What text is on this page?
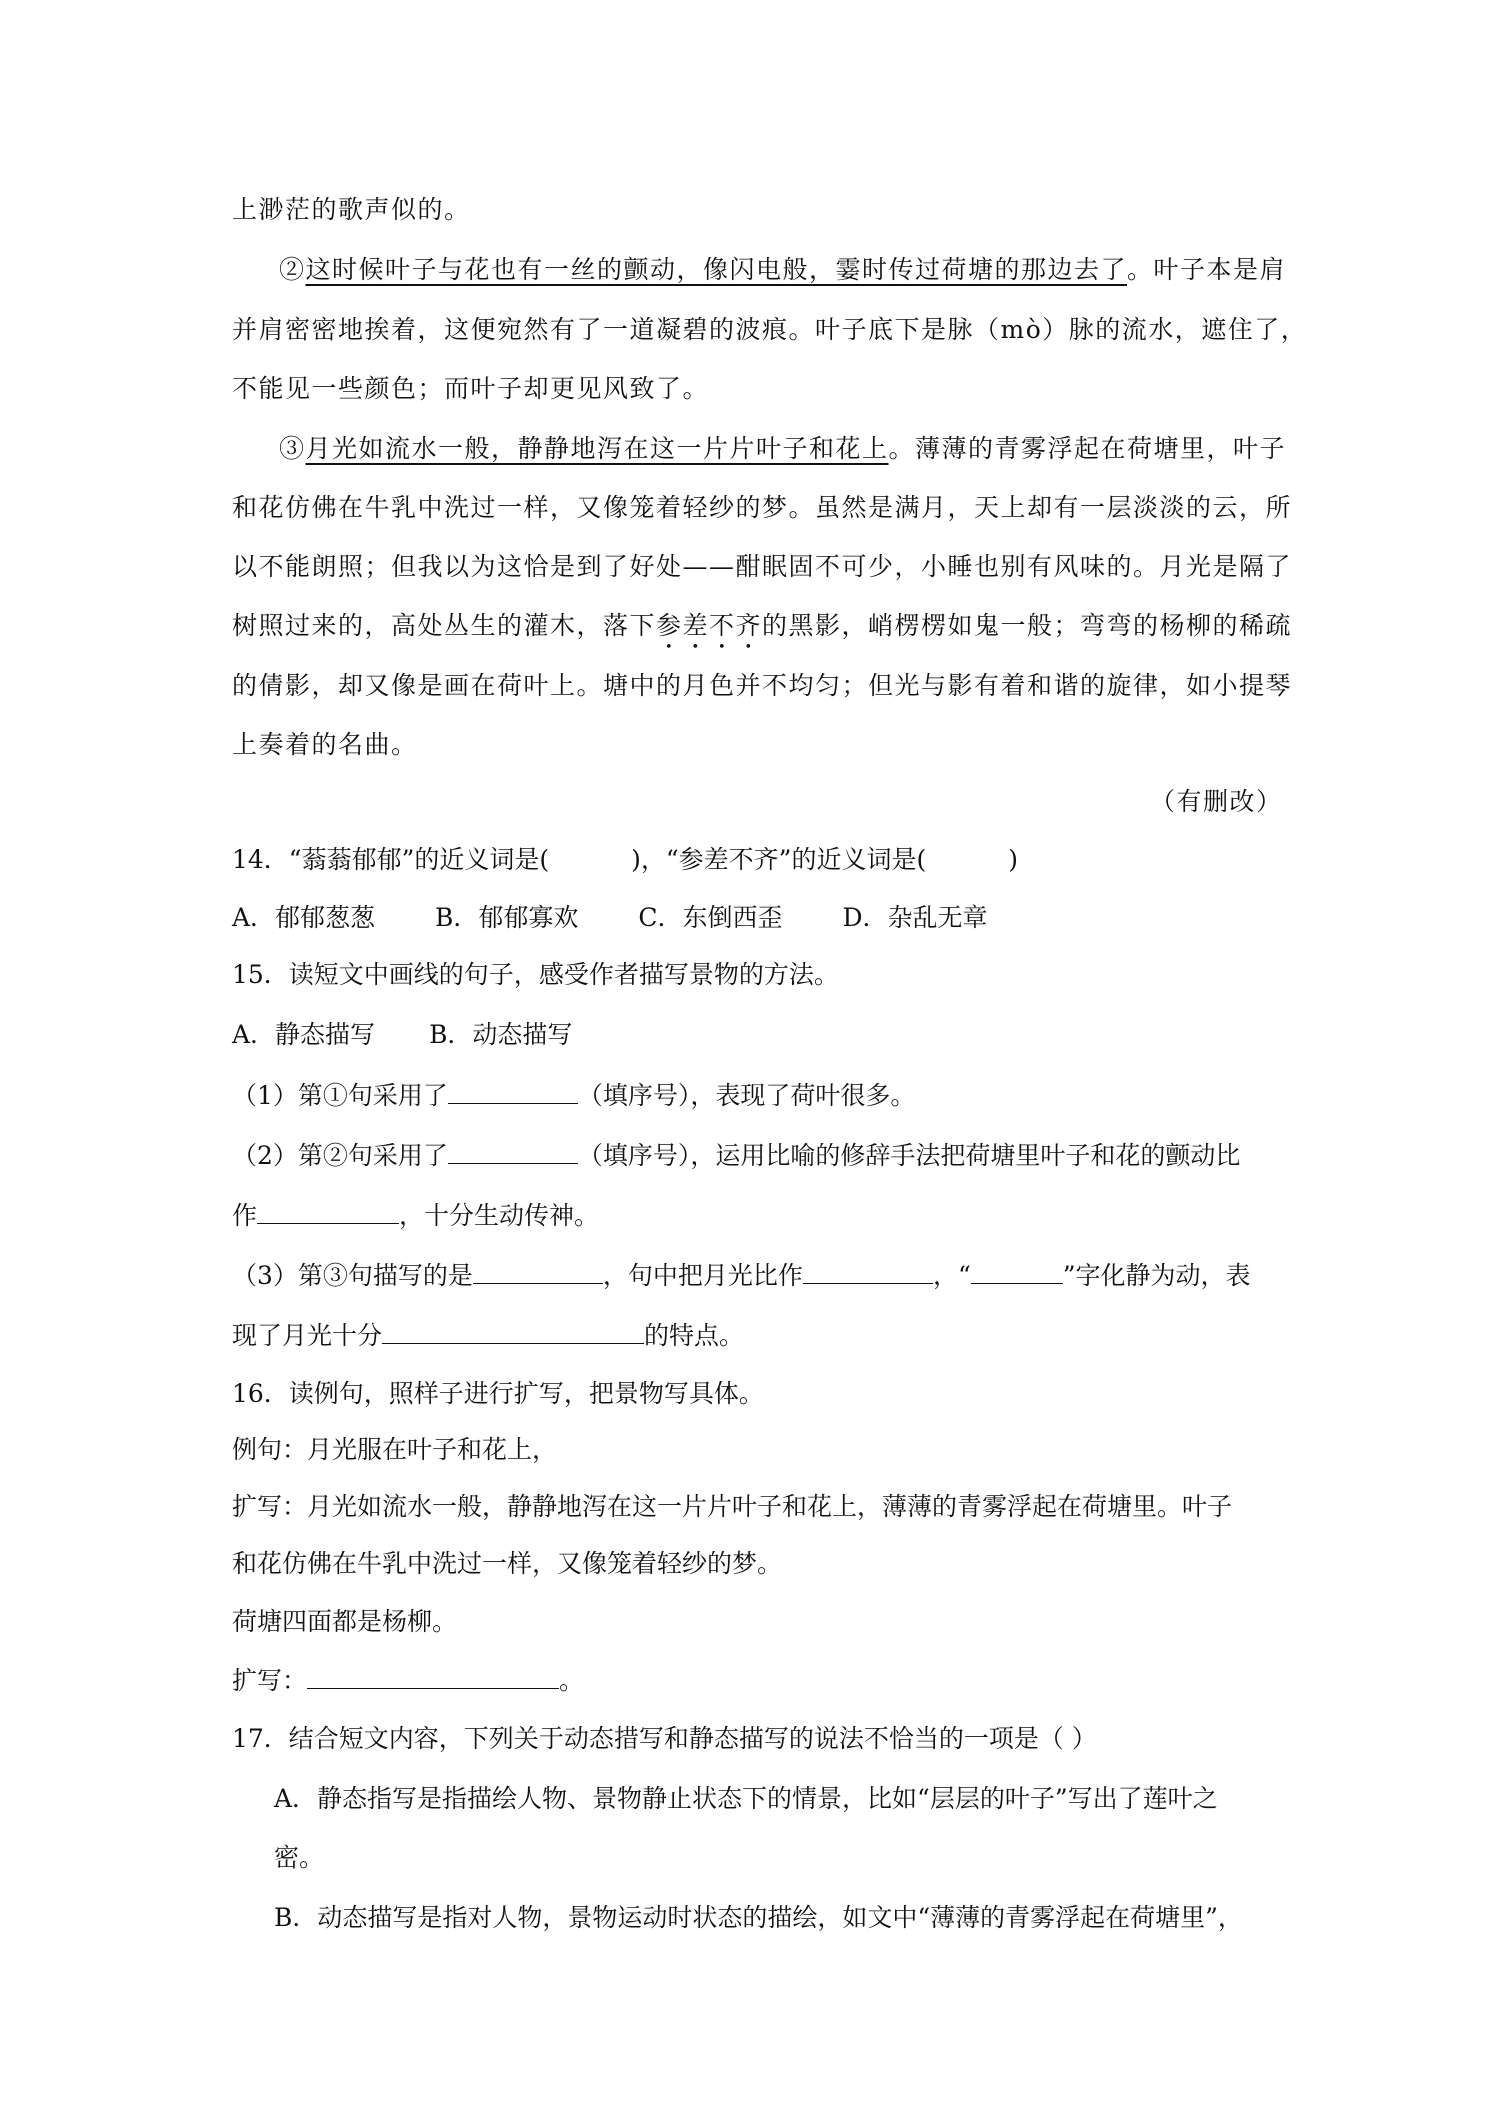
上渺茫的歌声似的。
②这时候叶子与花也有一丝的颤动，像闪电般，霎时传过荷塘的那边去了。叶子本是肩
并肩密密地挨着，这便宛然有了一道凝碧的波痕。叶子底下是脉（mò）脉的流水，遮住了，
不能见一些颜色；而叶子却更见风致了。
③月光如流水一般，静静地泻在这一片片叶子和花上。薄薄的青雾浮起在荷塘里，叶子
和花仿佛在牛乳中洗过一样，又像笼着轻纱的梦。虽然是满月，天上却有一层淡淡的云，所
以不能朗照；但我以为这恰是到了好处——酣眠固不可少，小睡也别有风味的。月光是隔了
树照过来的，高处丛生的灌木，落下参差不齐的黑影，峭楞楞如鬼一般；弯弯的杨柳的稀疏
的倩影，却又像是画在荷叶上。塘中的月色并不均匀；但光与影有着和谐的旋律，如小提琴
上奏着的名曲。
（有删改）
14．“蓊蓊郁郁”的近义词是(	)，“参差不齐”的近义词是(	)
A．郁郁葱葱 B．郁郁寡欢 C．东倒西歪 D．杂乱无章
15．读短文中画线的句子，感受作者描写景物的方法。
A．静态描写 B．动态描写
（1）第①句采用了	（填序号），表现了荷叶很多。
（2）第②句采用了	（填序号），运用比喻的修辞手法把荷塘里叶子和花的颤动比
作	，十分生动传神。
（3）第③句描写的是	，句中把月光比作	，“	”字化静为动，表
现了月光十分	的特点。
16．读例句，照样子进行扩写，把景物写具体。
例句：月光服在叶子和花上，
扩写：月光如流水一般，静静地泻在这一片片叶子和花上，薄薄的青雾浮起在荷塘里。叶子
和花仿佛在牛乳中洗过一样，又像笼着轻纱的梦。
荷塘四面都是杨柳。
扩写：	。
17．结合短文内容，下列关于动态措写和静态描写的说法不恰当的一项是（ ）
A．静态指写是指描绘人物、景物静止状态下的情景，比如“层层的叶子”写出了莲叶之
密。
B．动态描写是指对人物，景物运动时状态的描绘，如文中“薄薄的青雾浮起在荷塘里”，
